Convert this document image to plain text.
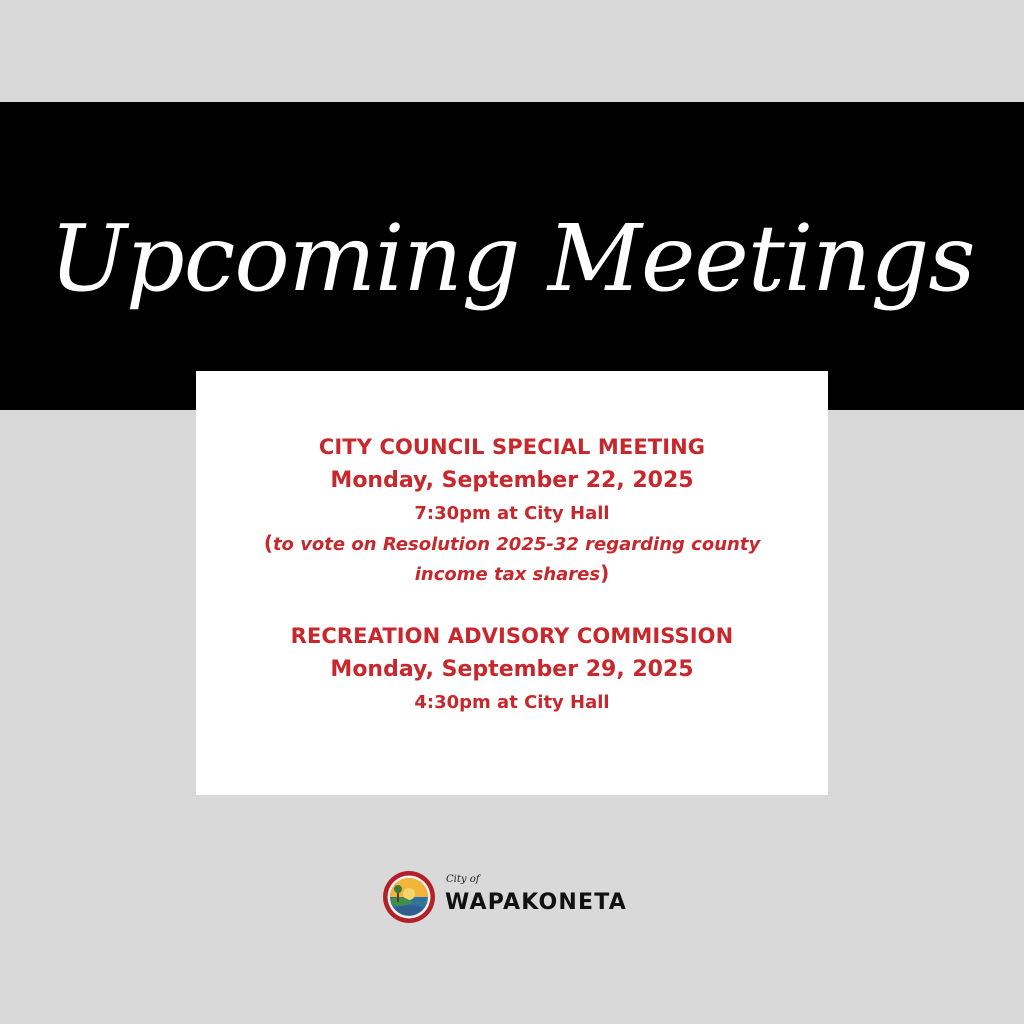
Upcoming Meetings
CITY COUNCIL SPECIAL MEETING
Monday, September 22, 2025
7:30pm at City Hall
(to vote on Resolution 2025-32 regarding county income tax shares)
RECREATION ADVISORY COMMISSION
Monday, September 29, 2025
4:30pm at City Hall
City of
WAPAKONETA
